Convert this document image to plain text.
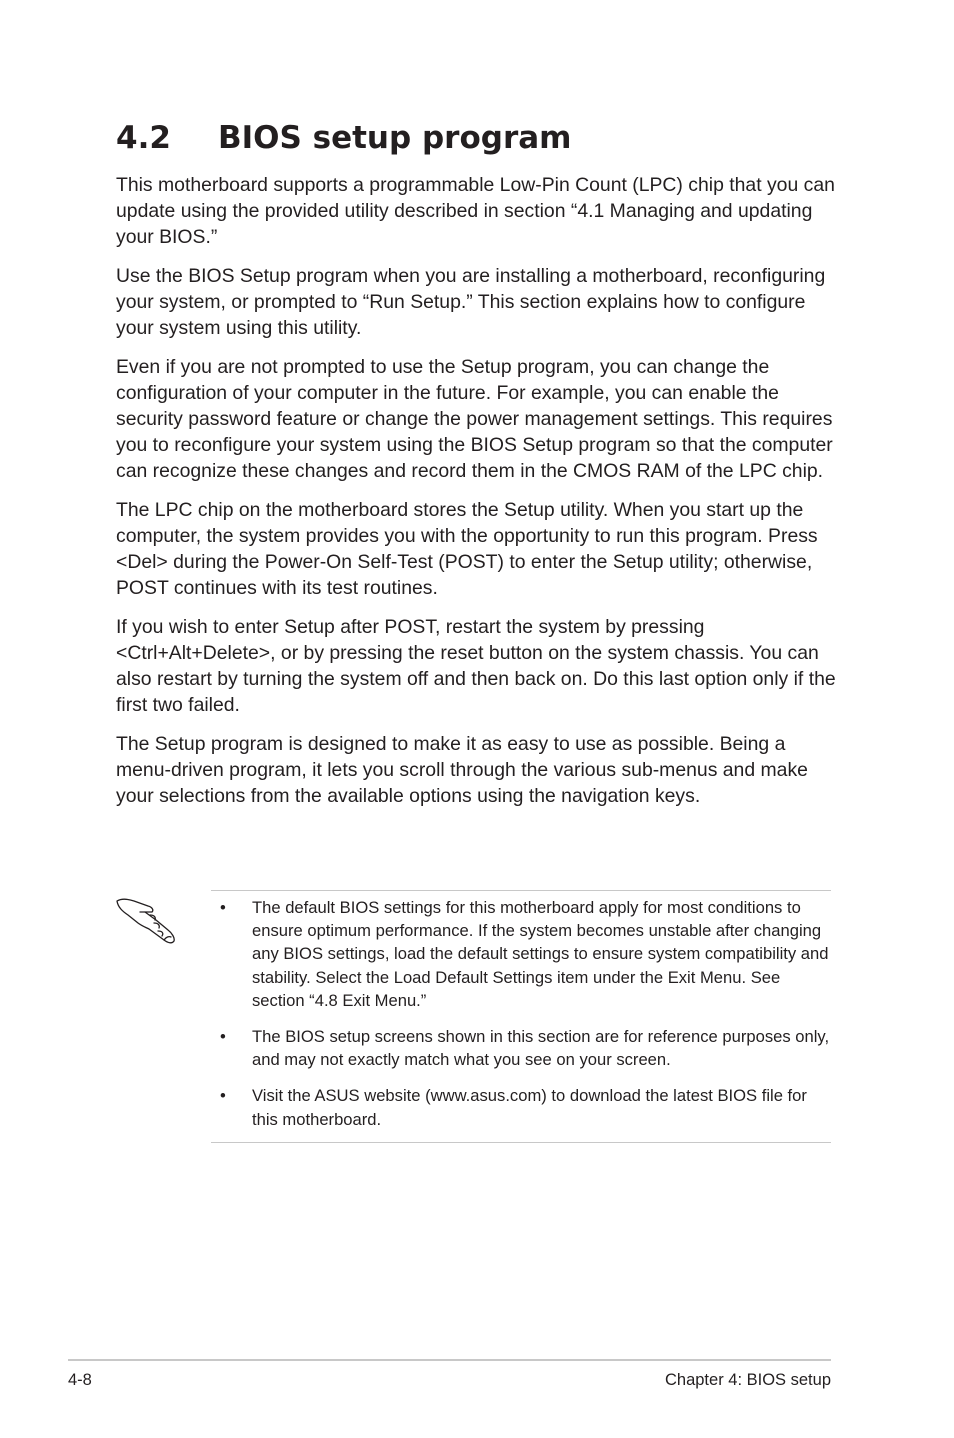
4.2 BIOS setup program

This motherboard supports a programmable Low-Pin Count (LPC) chip that you can update using the provided utility described in section “4.1 Managing and updating your BIOS.”

Use the BIOS Setup program when you are installing a motherboard, reconfiguring your system, or prompted to “Run Setup.” This section explains how to configure your system using this utility.

Even if you are not prompted to use the Setup program, you can change the configuration of your computer in the future. For example, you can enable the security password feature or change the power management settings. This requires you to reconfigure your system using the BIOS Setup program so that the computer can recognize these changes and record them in the CMOS RAM of the LPC chip.

The LPC chip on the motherboard stores the Setup utility. When you start up the computer, the system provides you with the opportunity to run this program. Press <Del> during the Power-On Self-Test (POST) to enter the Setup utility; otherwise, POST continues with its test routines.

If you wish to enter Setup after POST, restart the system by pressing <Ctrl+Alt+Delete>, or by pressing the reset button on the system chassis. You can also restart by turning the system off and then back on. Do this last option only if the first two failed.

The Setup program is designed to make it as easy to use as possible. Being a menu-driven program, it lets you scroll through the various sub-menus and make your selections from the available options using the navigation keys.

• The default BIOS settings for this motherboard apply for most conditions to ensure optimum performance. If the system becomes unstable after changing any BIOS settings, load the default settings to ensure system compatibility and stability. Select the Load Default Settings item under the Exit Menu. See section “4.8 Exit Menu.”
• The BIOS setup screens shown in this section are for reference purposes only, and may not exactly match what you see on your screen.
• Visit the ASUS website (www.asus.com) to download the latest BIOS file for this motherboard.
4-8	Chapter 4: BIOS setup
